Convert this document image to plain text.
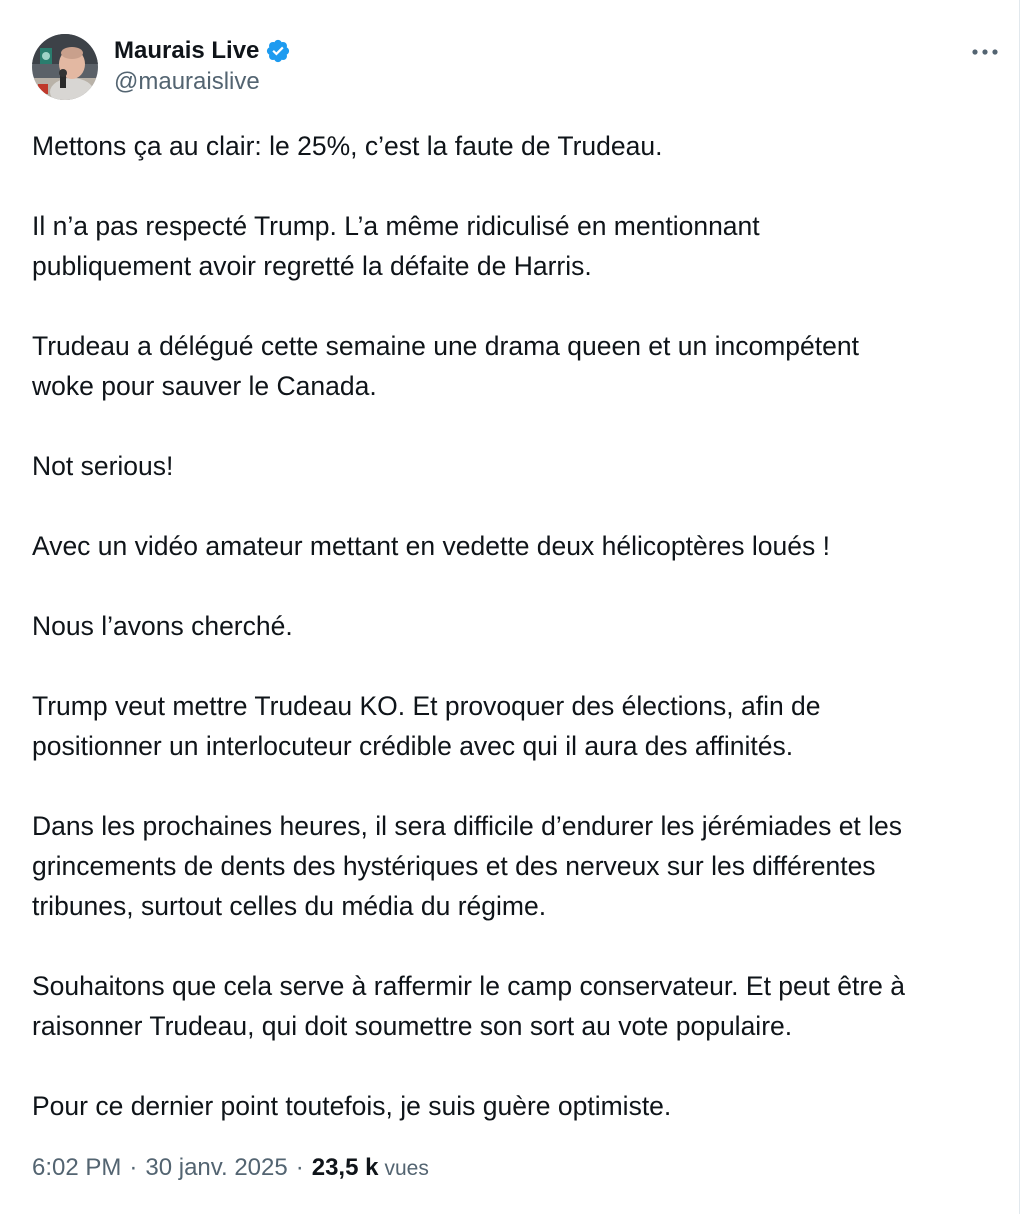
Maurais Live
@mauraislive

Mettons ça au clair: le 25%, c’est la faute de Trudeau.

Il n’a pas respecté Trump. L’a même ridiculisé en mentionnant
publiquement avoir regretté la défaite de Harris.

Trudeau a délégué cette semaine une drama queen et un incompétent
woke pour sauver le Canada.

Not serious!

Avec un vidéo amateur mettant en vedette deux hélicoptères loués !

Nous l’avons cherché.

Trump veut mettre Trudeau KO. Et provoquer des élections, afin de
positionner un interlocuteur crédible avec qui il aura des affinités.

Dans les prochaines heures, il sera difficile d’endurer les jérémiades et les
grincements de dents des hystériques et des nerveux sur les différentes
tribunes, surtout celles du média du régime.

Souhaitons que cela serve à raffermir le camp conservateur. Et peut être à
raisonner Trudeau, qui doit soumettre son sort au vote populaire.

Pour ce dernier point toutefois, je suis guère optimiste.

6:02 PM · 30 janv. 2025 · 23,5 k vues
